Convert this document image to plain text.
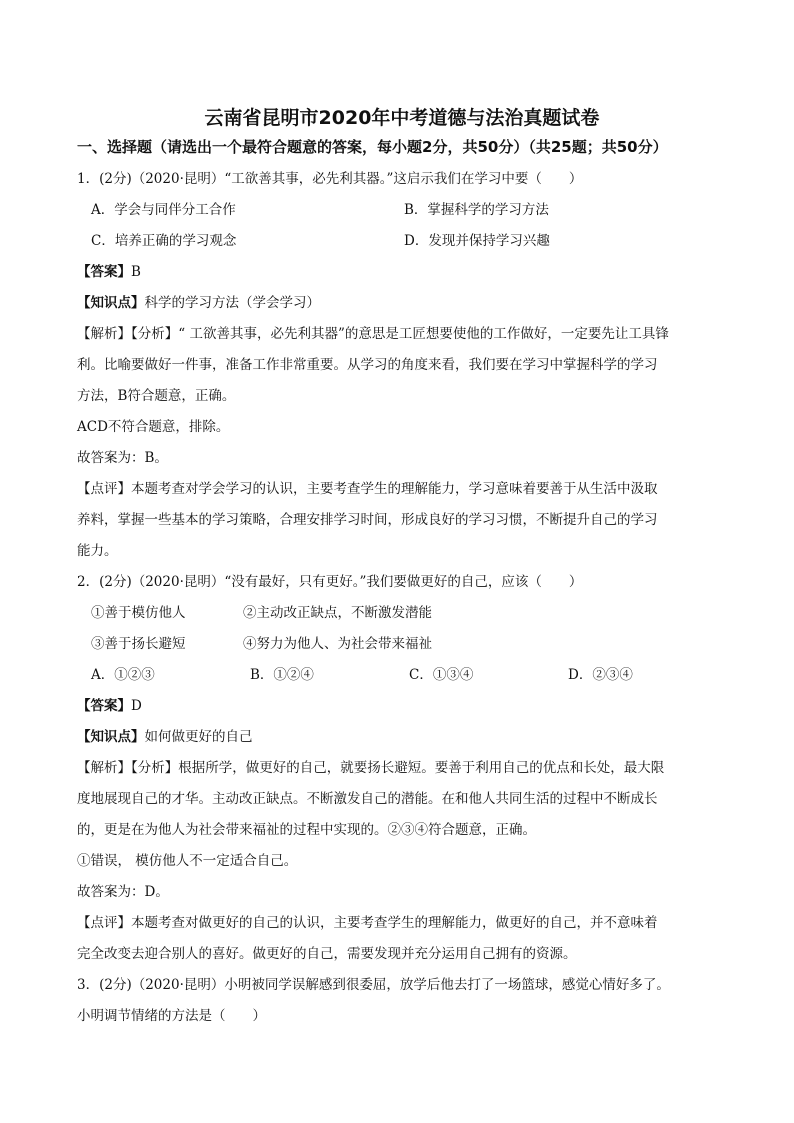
云南省昆明市2020年中考道德与法治真题试卷
一、选择题（请选出一个最符合题意的答案，每小题2分，共50分）（共25题；共50分）

1．(2分)（2020·昆明）“工欲善其事，必先利其器。”这启示我们在学习中要（　　）

A．学会与同伴分工合作	B．掌握科学的学习方法
C．培养正确的学习观念	D．发现并保持学习兴趣

【答案】B

【知识点】科学的学习方法（学会学习）

【解析】【分析】“ 工欲善其事，必先利其器”的意思是工匠想要使他的工作做好，一定要先让工具锋

利。比喻要做好一件事，准备工作非常重要。从学习的角度来看，我们要在学习中掌握科学的学习

方法，B符合题意，正确。

ACD不符合题意，排除。

故答案为：B。

【点评】本题考查对学会学习的认识，主要考查学生的理解能力，学习意味着要善于从生活中汲取

养料，掌握一些基本的学习策略，合理安排学习时间，形成良好的学习习惯，不断提升自己的学习

能力。

2．(2分)（2020·昆明）“没有最好，只有更好。”我们要做更好的自己，应该（　　）

①善于模仿他人	②主动改正缺点，不断激发潜能
③善于扬长避短	④努力为他人、为社会带来福祉
A．①②③	B．①②④	C．①③④	D．②③④

【答案】D

【知识点】如何做更好的自己

【解析】【分析】根据所学，做更好的自己，就要扬长避短。要善于利用自己的优点和长处，最大限

度地展现自己的才华。主动改正缺点。不断激发自己的潜能。在和他人共同生活的过程中不断成长

的，更是在为他人为社会带来福祉的过程中实现的。②③④符合题意，正确。

①错误， 模仿他人不一定适合自己。

故答案为：D。

【点评】本题考查对做更好的自己的认识，主要考查学生的理解能力，做更好的自己，并不意味着

完全改变去迎合别人的喜好。做更好的自己，需要发现并充分运用自己拥有的资源。

3．(2分)（2020·昆明）小明被同学误解感到很委屈，放学后他去打了一场篮球，感觉心情好多了。

小明调节情绪的方法是（　　）
